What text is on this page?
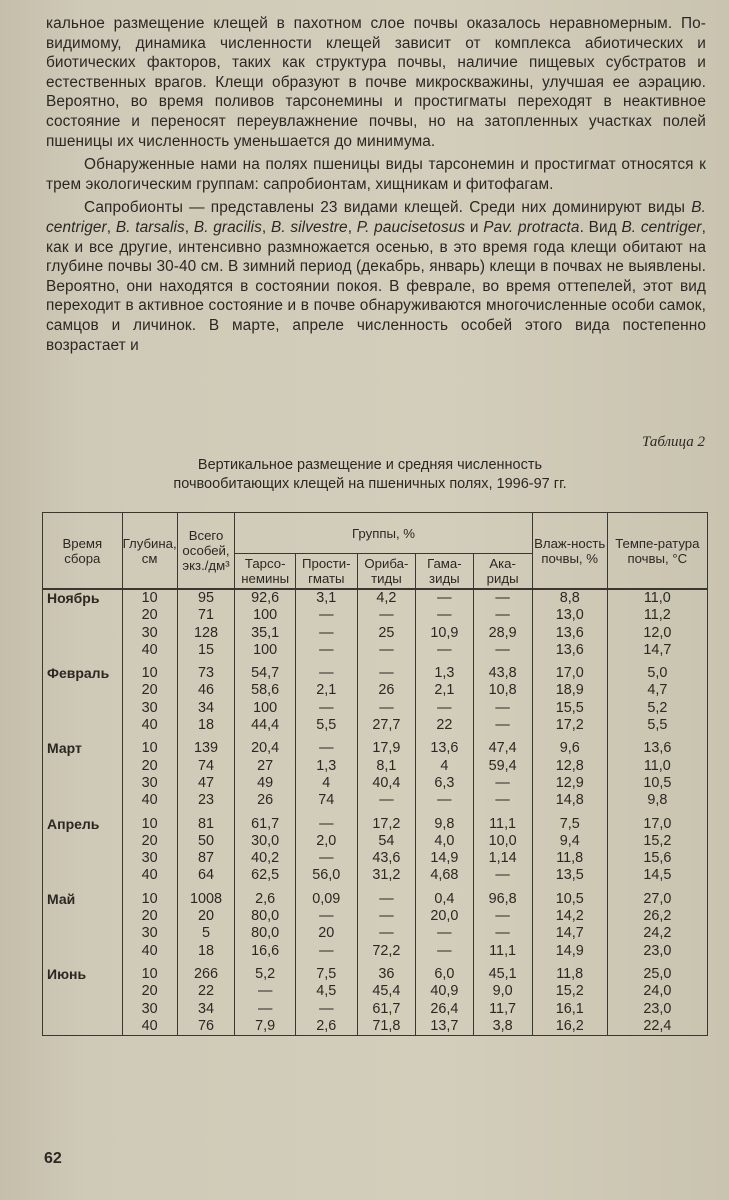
кальное размещение клещей в пахотном слое почвы оказалось неравномерным. По-видимому, динамика численности клещей зависит от комплекса абиотических и биотических факторов, таких как структура почвы, наличие пищевых субстратов и естественных врагов. Клещи образуют в почве микроскважины, улучшая ее аэрацию. Вероятно, во время поливов тарсонемины и простигматы переходят в неактивное состояние и переносят переувлажнение почвы, но на затопленных участках полей пшеницы их численность уменьшается до минимума.

Обнаруженные нами на полях пшеницы виды тарсонемин и простигмат относятся к трем экологическим группам: сапробионтам, хищникам и фитофагам.

Сапробионты — представлены 23 видами клещей. Среди них доминируют виды B. centriger, B. tarsalis, B. gracilis, B. silvestre, P. paucisetosus и Pav. protracta. Вид B. centriger, как и все другие, интенсивно размножается осенью, в это время года клещи обитают на глубине почвы 30-40 см. В зимний период (декабрь, январь) клещи в почвах не выявлены. Вероятно, они находятся в состоянии покоя. В феврале, во время оттепелей, этот вид переходит в активное состояние и в почве обнаруживаются многочисленные особи самок, самцов и личинок. В марте, апреле численность особей этого вида постепенно возрастает и

Таблица 2
Вертикальное размещение и средняя численность
почвообитающих клещей на пшеничных полях, 1996-97 гг.
Время сбора	Глубина, см	Всего особей, экз./дм³	Группы, %					Влаж-ность почвы, %	Темпе-ратура почвы, °С
			Тарсо-немины	Прости-гматы	Ориба-тиды	Гама-зиды	Ака-риды		
Ноябрь	10	95	92,6	3,1	4,2	—	—	8,8	11,0
	20	71	100	—	—	—	—	13,0	11,2
	30	128	35,1	—	25	10,9	28,9	13,6	12,0
	40	15	100	—	—	—	—	13,6	14,7

Февраль	10	73	54,7	—	—	1,3	43,8	17,0	5,0
	20	46	58,6	2,1	26	2,1	10,8	18,9	4,7
	30	34	100	—	—	—	—	15,5	5,2
	40	18	44,4	5,5	27,7	22	—	17,2	5,5

Март	10	139	20,4	—	17,9	13,6	47,4	9,6	13,6
	20	74	27	1,3	8,1	4	59,4	12,8	11,0
	30	47	49	4	40,4	6,3	—	12,9	10,5
	40	23	26	74	—	—	—	14,8	9,8

Апрель	10	81	61,7	—	17,2	9,8	11,1	7,5	17,0
	20	50	30,0	2,0	54	4,0	10,0	9,4	15,2
	30	87	40,2	—	43,6	14,9	1,14	11,8	15,6
	40	64	62,5	56,0	31,2	4,68	—	13,5	14,5

Май	10	1008	2,6	0,09	—	0,4	96,8	10,5	27,0
	20	20	80,0	—	—	20,0	—	14,2	26,2
	30	5	80,0	20	—	—	—	14,7	24,2
	40	18	16,6	—	72,2	—	11,1	14,9	23,0

Июнь	10	266	5,2	7,5	36	6,0	45,1	11,8	25,0
	20	22	—	4,5	45,4	40,9	9,0	15,2	24,0
	30	34	—	—	61,7	26,4	11,7	16,1	23,0
	40	76	7,9	2,6	71,8	13,7	3,8	16,2	22,4
62
